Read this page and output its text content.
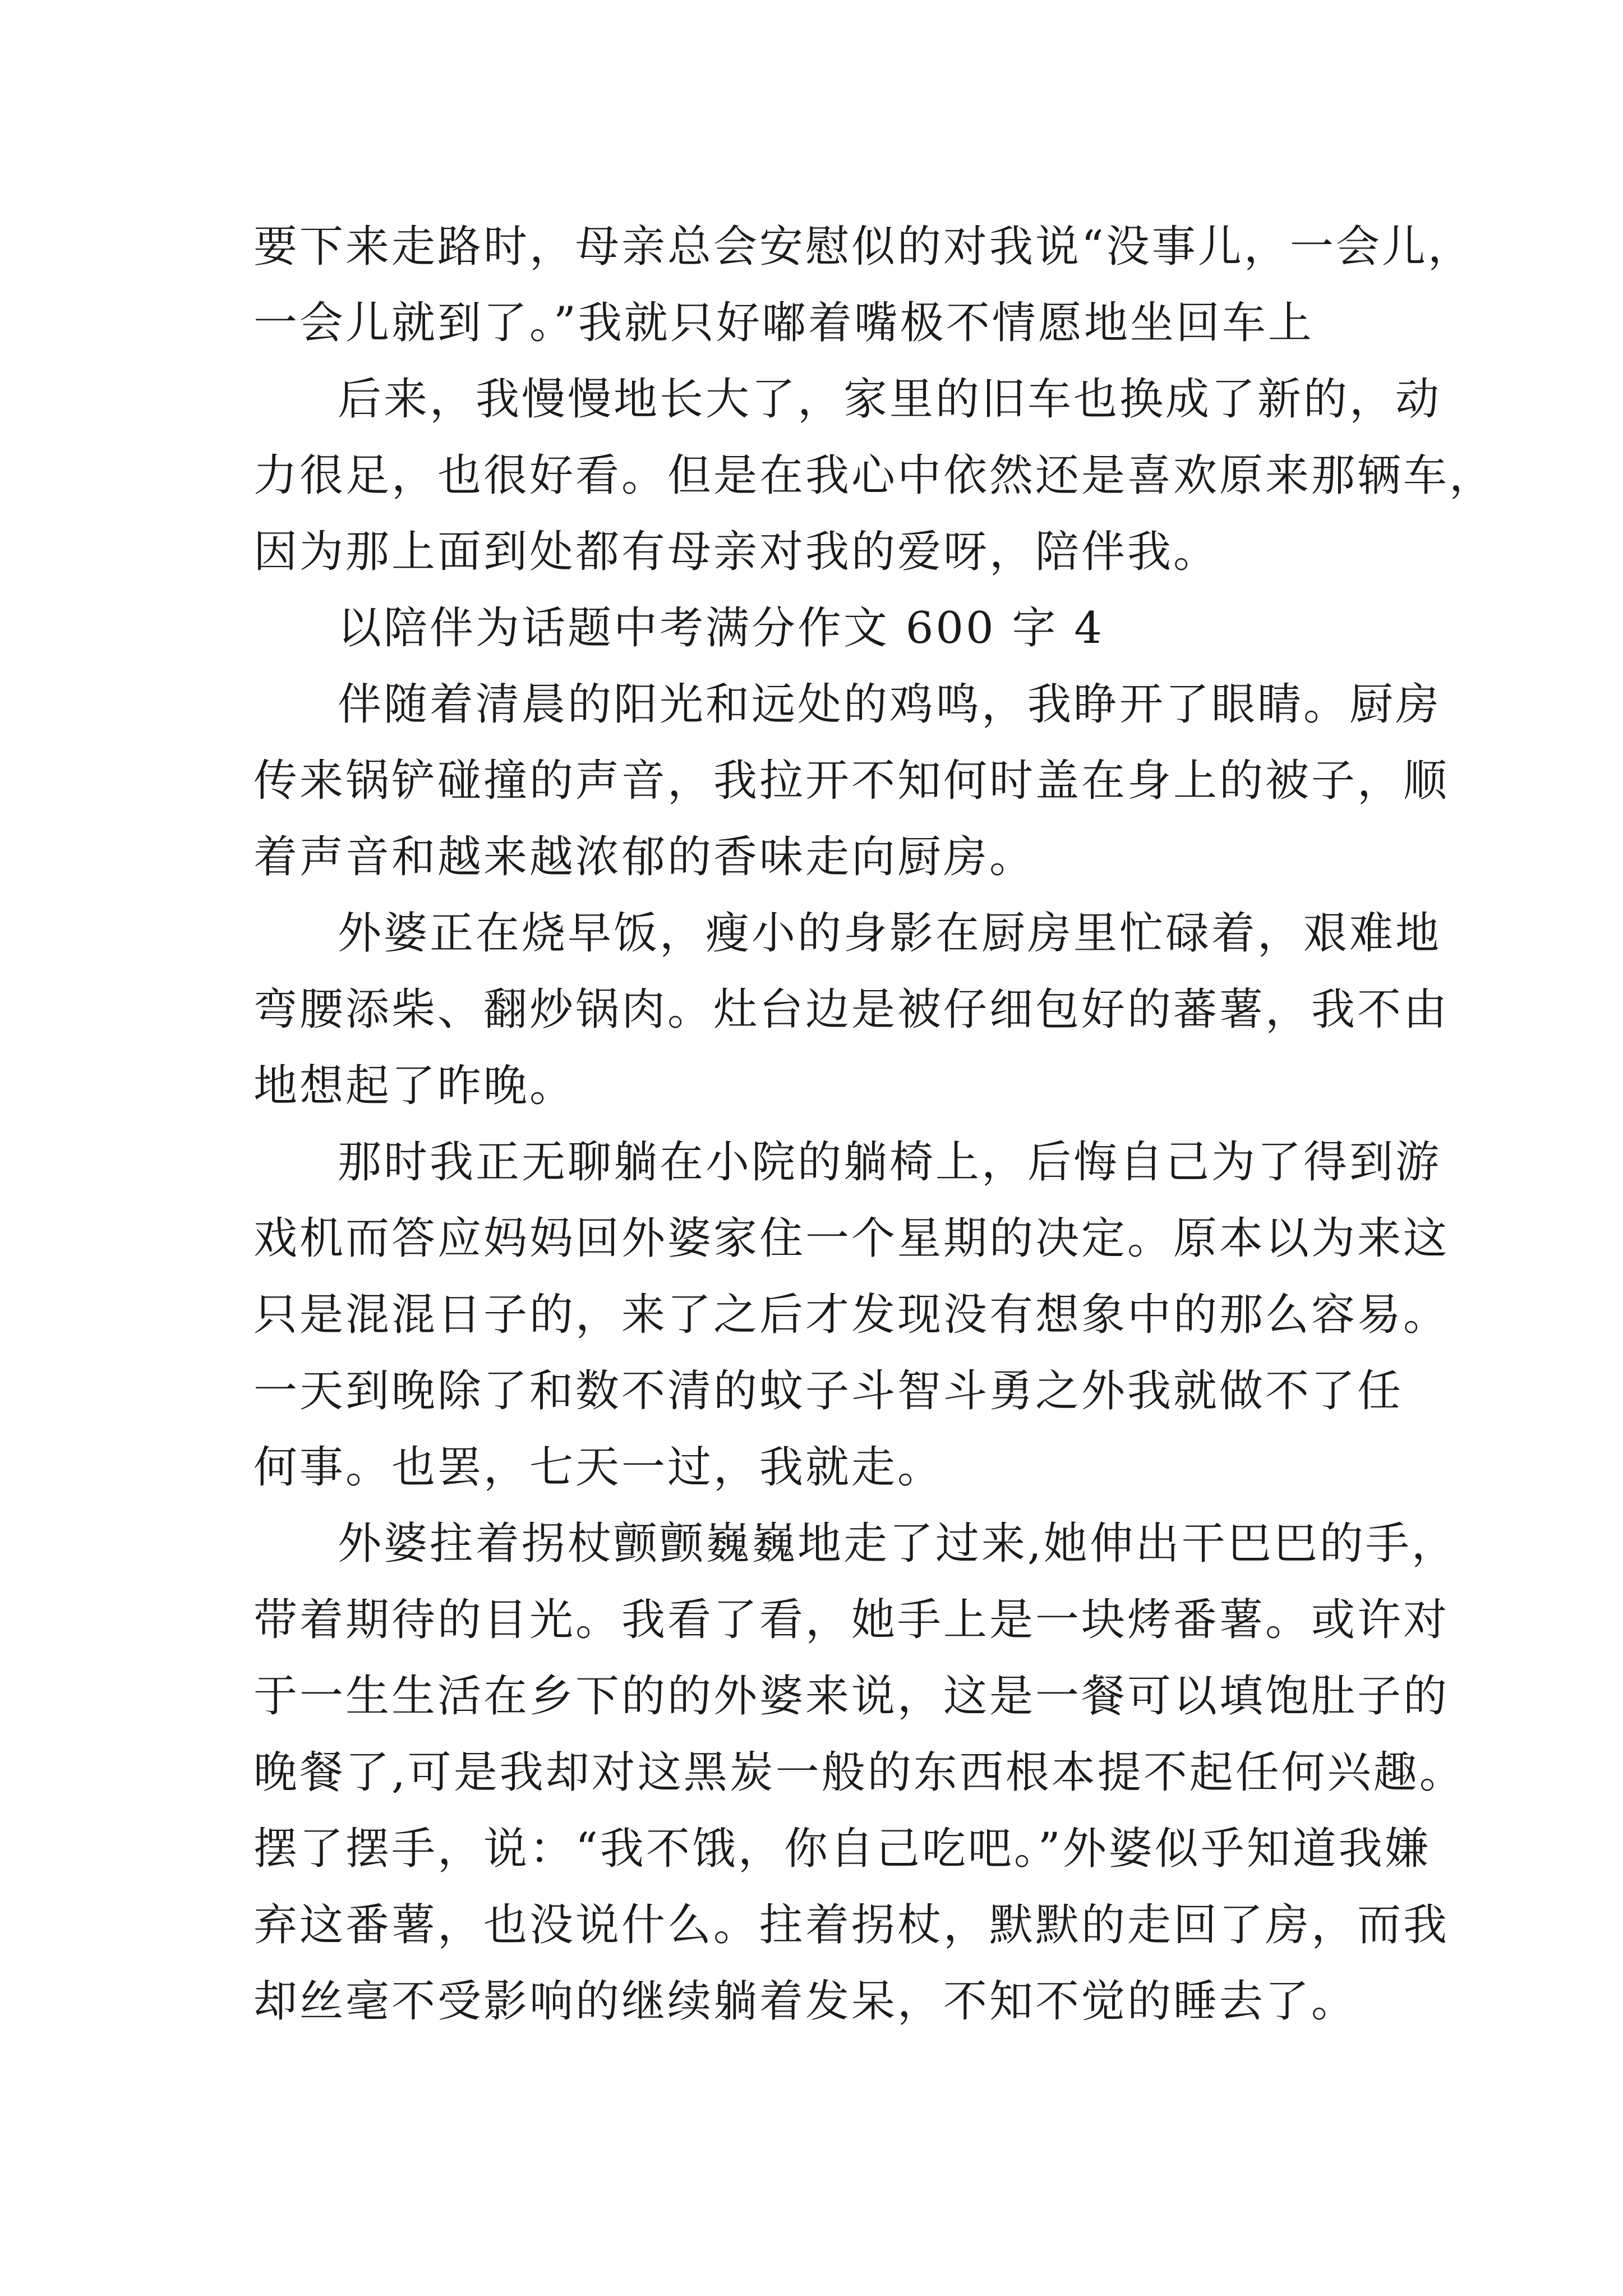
要下来走路时，母亲总会安慰似的对我说“没事儿，一会儿，
一会儿就到了。”我就只好嘟着嘴极不情愿地坐回车上
后来，我慢慢地长大了，家里的旧车也换成了新的，动
力很足，也很好看。但是在我心中依然还是喜欢原来那辆车，
因为那上面到处都有母亲对我的爱呀，陪伴我。
以陪伴为话题中考满分作文 600 字 4
伴随着清晨的阳光和远处的鸡鸣，我睁开了眼睛。厨房
传来锅铲碰撞的声音，我拉开不知何时盖在身上的被子，顺
着声音和越来越浓郁的香味走向厨房。
外婆正在烧早饭，瘦小的身影在厨房里忙碌着，艰难地
弯腰添柴、翻炒锅肉。灶台边是被仔细包好的蕃薯，我不由
地想起了昨晚。
那时我正无聊躺在小院的躺椅上，后悔自己为了得到游
戏机而答应妈妈回外婆家住一个星期的决定。原本以为来这
只是混混日子的，来了之后才发现没有想象中的那么容易。
一天到晚除了和数不清的蚊子斗智斗勇之外我就做不了任
何事。也罢，七天一过，我就走。
外婆拄着拐杖颤颤巍巍地走了过来,她伸出干巴巴的手，
带着期待的目光。我看了看，她手上是一块烤番薯。或许对
于一生生活在乡下的的外婆来说，这是一餐可以填饱肚子的
晚餐了,可是我却对这黑炭一般的东西根本提不起任何兴趣。
摆了摆手，说：“我不饿，你自己吃吧。”外婆似乎知道我嫌
弃这番薯，也没说什么。拄着拐杖，默默的走回了房，而我
却丝毫不受影响的继续躺着发呆，不知不觉的睡去了。
